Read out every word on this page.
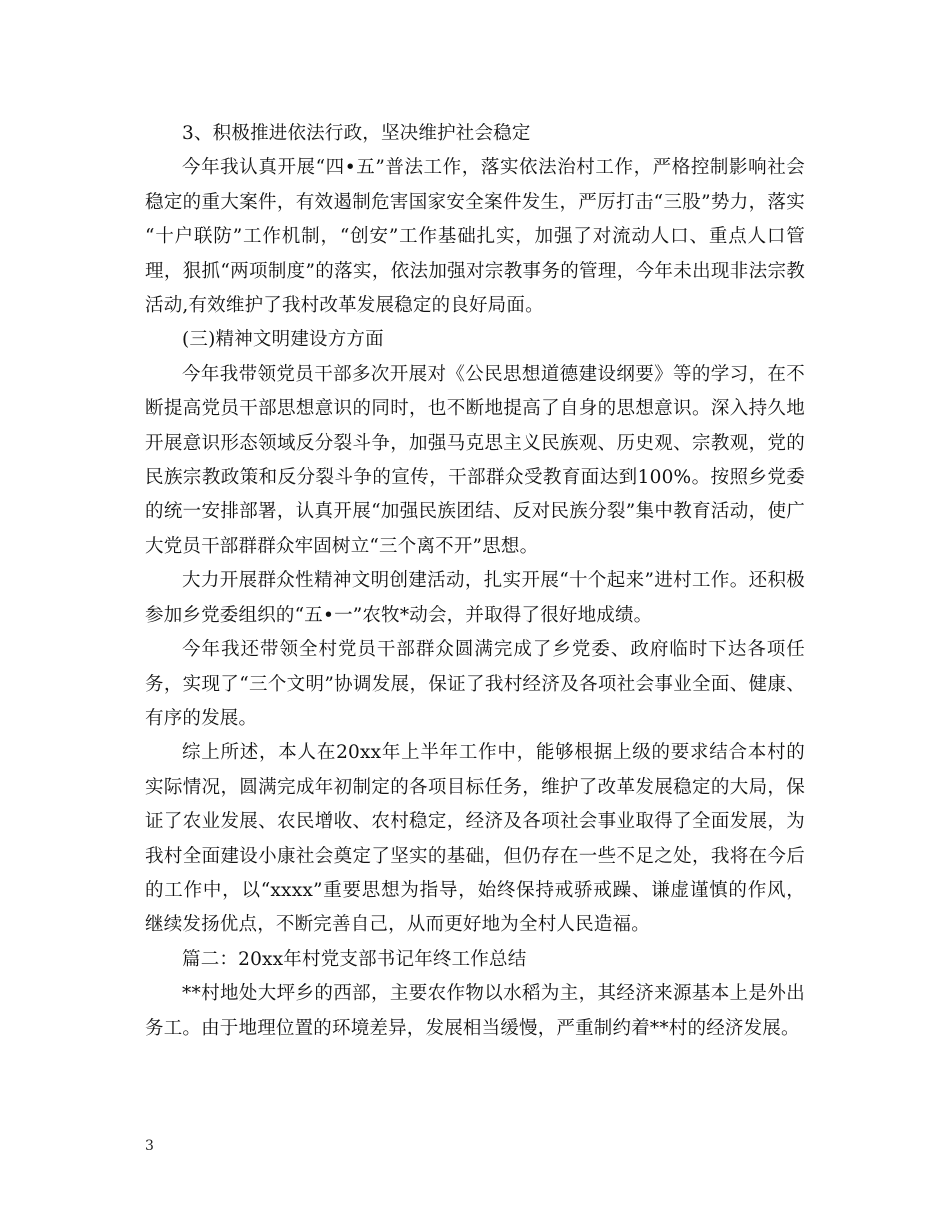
3、积极推进依法行政，坚决维护社会稳定

今年我认真开展“四•五”普法工作，落实依法治村工作，严格控制影响社会稳定的重大案件，有效遏制危害国家安全案件发生，严厉打击“三股”势力，落实 “十户联防”工作机制，“创安”工作基础扎实，加强了对流动人口、重点人口管理，狠抓“两项制度”的落实，依法加强对宗教事务的管理，今年未出现非法宗教活动,有效维护了我村改革发展稳定的良好局面。

(三)精神文明建设方方面

今年我带领党员干部多次开展对《公民思想道德建设纲要》等的学习，在不断提高党员干部思想意识的同时，也不断地提高了自身的思想意识。深入持久地开展意识形态领域反分裂斗争，加强马克思主义民族观、历史观、宗教观，党的民族宗教政策和反分裂斗争的宣传，干部群众受教育面达到100%。按照乡党委的统一安排部署，认真开展“加强民族团结、反对民族分裂”集中教育活动，使广大党员干部群群众牢固树立“三个离不开”思想。

大力开展群众性精神文明创建活动，扎实开展“十个起来”进村工作。还积极参加乡党委组织的“五•一”农牧*动会，并取得了很好地成绩。

今年我还带领全村党员干部群众圆满完成了乡党委、政府临时下达各项任务，实现了“三个文明”协调发展，保证了我村经济及各项社会事业全面、健康、有序的发展。

综上所述，本人在20xx年上半年工作中，能够根据上级的要求结合本村的实际情况，圆满完成年初制定的各项目标任务，维护了改革发展稳定的大局，保证了农业发展、农民增收、农村稳定，经济及各项社会事业取得了全面发展，为我村全面建设小康社会奠定了坚实的基础，但仍存在一些不足之处，我将在今后的工作中，以“xxxx”重要思想为指导，始终保持戒骄戒躁、谦虚谨慎的作风，继续发扬优点，不断完善自己，从而更好地为全村人民造福。

篇二：20xx年村党支部书记年终工作总结

**村地处大坪乡的西部，主要农作物以水稻为主，其经济来源基本上是外出务工。由于地理位置的环境差异，发展相当缓慢，严重制约着**村的经济发展。

3
